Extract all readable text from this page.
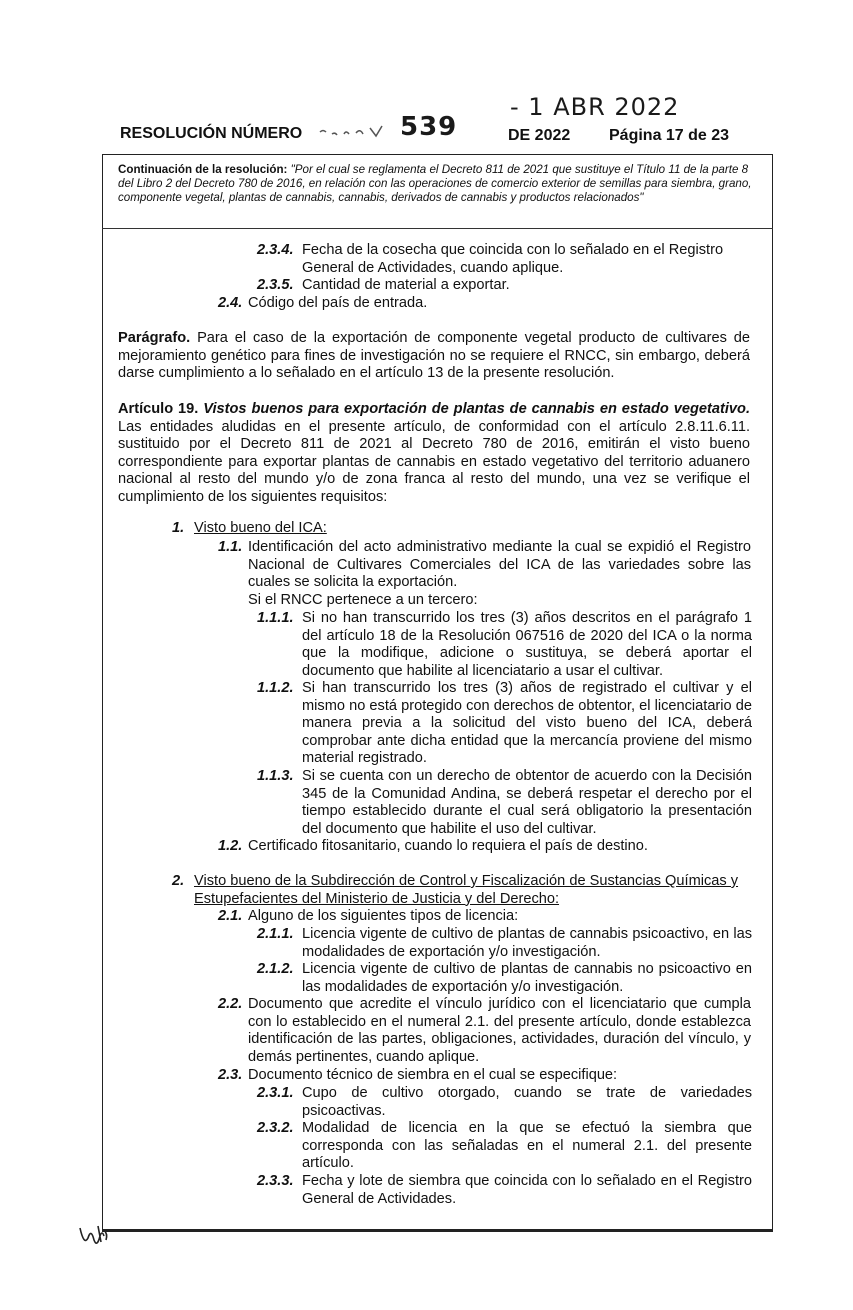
539
- 1 ABR 2022
RESOLUCIÓN NÚMERO	DE 2022 Página 17 de 23
Continuación de la resolución: "Por el cual se reglamenta el Decreto 811 de 2021 que sustituye el Título 11 de la parte 8 del Libro 2 del Decreto 780 de 2016, en relación con las operaciones de comercio exterior de semillas para siembra, grano, componente vegetal, plantas de cannabis, cannabis, derivados de cannabis y productos relacionados"
2.3.4. Fecha de la cosecha que coincida con lo señalado en el Registro General de Actividades, cuando aplique.
2.3.5. Cantidad de material a exportar.
2.4. Código del país de entrada.
Parágrafo. Para el caso de la exportación de componente vegetal producto de cultivares de mejoramiento genético para fines de investigación no se requiere el RNCC, sin embargo, deberá darse cumplimiento a lo señalado en el artículo 13 de la presente resolución.
Artículo 19. Vistos buenos para exportación de plantas de cannabis en estado vegetativo. Las entidades aludidas en el presente artículo, de conformidad con el artículo 2.8.11.6.11. sustituido por el Decreto 811 de 2021 al Decreto 780 de 2016, emitirán el visto bueno correspondiente para exportar plantas de cannabis en estado vegetativo del territorio aduanero nacional al resto del mundo y/o de zona franca al resto del mundo, una vez se verifique el cumplimiento de los siguientes requisitos:
1. Visto bueno del ICA:
1.1. Identificación del acto administrativo mediante la cual se expidió el Registro Nacional de Cultivares Comerciales del ICA de las variedades sobre las cuales se solicita la exportación.
Si el RNCC pertenece a un tercero:
1.1.1. Si no han transcurrido los tres (3) años descritos en el parágrafo 1 del artículo 18 de la Resolución 067516 de 2020 del ICA o la norma que la modifique, adicione o sustituya, se deberá aportar el documento que habilite al licenciatario a usar el cultivar.
1.1.2. Si han transcurrido los tres (3) años de registrado el cultivar y el mismo no está protegido con derechos de obtentor, el licenciatario de manera previa a la solicitud del visto bueno del ICA, deberá comprobar ante dicha entidad que la mercancía proviene del mismo material registrado.
1.1.3. Si se cuenta con un derecho de obtentor de acuerdo con la Decisión 345 de la Comunidad Andina, se deberá respetar el derecho por el tiempo establecido durante el cual será obligatorio la presentación del documento que habilite el uso del cultivar.
1.2. Certificado fitosanitario, cuando lo requiera el país de destino.
2. Visto bueno de la Subdirección de Control y Fiscalización de Sustancias Químicas y Estupefacientes del Ministerio de Justicia y del Derecho:
2.1. Alguno de los siguientes tipos de licencia:
2.1.1. Licencia vigente de cultivo de plantas de cannabis psicoactivo, en las modalidades de exportación y/o investigación.
2.1.2. Licencia vigente de cultivo de plantas de cannabis no psicoactivo en las modalidades de exportación y/o investigación.
2.2. Documento que acredite el vínculo jurídico con el licenciatario que cumpla con lo establecido en el numeral 2.1. del presente artículo, donde establezca identificación de las partes, obligaciones, actividades, duración del vínculo, y demás pertinentes, cuando aplique.
2.3. Documento técnico de siembra en el cual se especifique:
2.3.1. Cupo de cultivo otorgado, cuando se trate de variedades psicoactivas.
2.3.2. Modalidad de licencia en la que se efectuó la siembra que corresponda con las señaladas en el numeral 2.1. del presente artículo.
2.3.3. Fecha y lote de siembra que coincida con lo señalado en el Registro General de Actividades.
